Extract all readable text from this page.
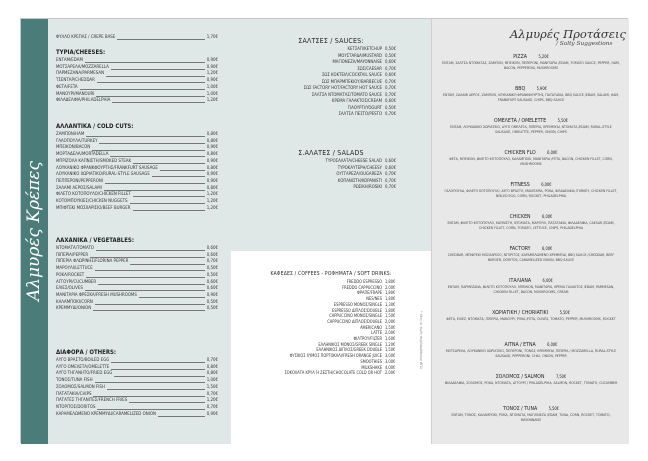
Αλμυρές Κρέπες
ΦΥΛΛΟ ΚΡΕΠΑΣ / CREPE BASE	1,70€
ΤΥΡΙΑ/CHEESES:
ΕΝΤΑΜ/EDAM	0,90€
ΜΟΤΣΑΡΕΛΑ/MOZZARELLA	0,90€
ΠΑΡΜΕΖΑΝΑ/PARMESAN	1,20€
ΤΣΕΝΤΑΡ/CHEDDAR	0,90€
ΦΕΤΑ/FETA	1,00€
ΜΑΝΟΥΡΙ/MANOURI	1,00€
ΦΙΛΑΔΕΛΦΙΑ/PHILADELPHIA	1,20€
ΑΛΛΑΝΤΙΚΑ / COLD CUTS:
ΖΑΜΠΟΝ/HAM	0,80€
ΓΑΛΟΠΟΥΛΑ/TURKEY	0,80€
ΜΠΕΙΚΟΝ/BACON	0,90€
ΜΟΡΤΑΔΕΛΑ/MORTADELLA	0,80€
ΜΠΡΙΖΟΛΑ ΚΑΠΝΙΣΤΗ/SMOKED STEAK	0,90€
ΛΟΥΚΑΝΙΚΟ ΦΡΑΝΚΦΟΥΡΤΗΣ/FRANKFURT SAUSAGE	0,80€
ΛΟΥΚΑΝΙΚΟ ΧΩΡΙΑΤΙΚΟ/RURAL-STYLE SAUSAGE	0,90€
ΠΕΠΠΕΡΟΝΙ/PEPPERONI	0,90€
ΣΑΛΑΜΙ ΑΕΡΟΣ/SALAMI	0,80€
ΦΙΛΕΤΟ ΚΟΤΟΠΟΥΛΟ/CHICKEN FILLET	1,20€
ΚΟΤΟΜΠΟΥΚΙΕΣ/CHICKEN NUGGETS	1,20€
ΜΠΙΦΤΕΚΙ ΜΟΣΧΑΡΙΣΙΟ/BEEF BURGER	1,20€
ΛΑΧΑΝΙΚΑ / VEGETABLES:
ΝΤΟΜΑΤΑ/TOMATO	0,60€
ΠΙΠΕΡΙΑ/PEPPER	0,60€
ΠΙΠΕΡΙΑ ΦΛΩΡΙΝΗΣ/FLORINA PEPPER	0,70€
ΜΑΡΟΥΛΙ/LETTUCE	0,50€
ΡΟΚΑ/ROCKET	0,50€
ΑΓΓΟΥΡΙ/CUCUMBER	0,60€
ΕΛΙΕΣ/OLIVES	0,60€
ΜΑΝΙΤΑΡΙΑ ΦΡΕΣΚΑ/FRESH MUSHROOMS	0,90€
ΚΑΛΑΜΠΟΚΙ/CORN	0,50€
ΚΡΕΜΜΥΔΙ/ONION	0,50€
ΔΙΑΦΟΡΑ / OTHERS:
ΑΥΓΟ ΒΡΑΣΤΟ/BOILED EGG	0,70€
ΑΥΓΟ ΟΜΕΛΕΤΑ/OMELETTE	0,80€
ΑΥΓΟ ΤΗΓΑΝΗΤΟ/FRIED EGG	0,80€
ΤΟΝΟΣ/TUNA FISH	1,00€
ΣΟΛΟΜΟΣ/SALMON FISH	1,50€
ΠΑΤΑΤΑΚΙΑ/CHIPS	0,70€
ΠΑΤΑΤΕΣ ΤΗΓΑΝΙΤΕΣ/FRENCH FRIES	1,20€
ΝΤΟΡΙΤΟΣ/DORITOS	0,70€
ΚΑΡΑΜΕΛΩΜΕΝΟ ΚΡΕΜΜΥΔΙ/CARAMELIZED ONION	0,90€
ΣΑΛΤΣΕΣ / SAUCES:
ΚΕΤΣΑΠ/KETCHUP 0,50€
ΜΟΥΣΤΑΡΔΑ/MUSTARD 0,50€
ΜΑΓΙΟΝΕΖΑ/MAYONNAISE 0,60€
ΣΩΣ/CAESAR 0,70€
ΣΩΣ ΚΟΚΤΕΙΛ/COCKTAIL SAUCE 0,60€
ΣΩΣ ΜΠΑΡΜΠΕΚΙΟΥ/BARBECUE 0,70€
ΣΩΣ FACTORY HOT/FACTORY HOT SAUCE 0,70€
ΣΑΛΤΣΑ ΝΤΟΜΑΤΑΣ/TOMATO SAUCE 0,70€
ΚΡΕΜΑ ΓΑΛΑΚΤΟΣ/CREAM 0,60€
ΓΙΑΟΥΡΤΙ/YOGURT 0,50€
ΣΑΛΤΣΑ ΠΕΣΤΟ/PESTO 0,70€
Σ.ΑΛΑΤΕΣ / SALADS
ΤΥΡΟΣΑΛΑΤΑ/CHEESE SALAD 0,60€
ΤΥΡΟΚΑΥΤΕΡΗ/CHEESY 0,60€
ΟΥΓΓΑΡΕΖΑ/OUGAREZA 0,70€
ΚΟΠΑΝΙΣΤΗ/KOPANISTI 0,70€
ΡΩΣΙΚΗ/ROSIKI 0,70€
ΚΑΦΕΔΕΣ / COFFEES - ΡΟΦΗΜΑΤΑ / SOFT DRINKS:
FREDDO ESPRESSO 1,80€
FREDDO CAPPUCCINO 2,00€
ΦΡΑΠΕ/FRAPE 1,80€
NES/NES 1,80€
ESPRESSO ΜΟΝΟΣ/SINGLE 1,30€
ESPRESSO ΔΙΠΛΟΣ/DOUBLE 1,80€
CAPPUCCINO ΜΟΝΟΣ/SINGLE 1,50€
CAPPUCCINO ΔΙΠΛΟΣ/DOUBLE 2,00€
AMERICANO 1,50€
LATTE 2,00€
ΦΙΛΤΡΟΥ/FILTER 1,60€
ΕΛΛΗΝΙΚΟΣ ΜΟΝΟΣ/GREEK SINGLE 1,20€
ΕΛΛΗΝΙΚΟΣ ΔΙΠΛΟΣ/GREEK DOUBLE 1,50€
ΦΥΣΙΚΟΣ ΧΥΜΟΣ ΠΟΡΤΟΚΑΛΙ/FRESH ORANGE JUICE 3,00€
SMOOTHIES 3,00€
MILKSHAKE 4,00€
ΣΟΚΟΛΑΤΑ ΚΡΥΑ Ή ΖΕΣΤΗ/CHOCOLATE COLD OR HOT 2,00€
* όλες οι τιμές περιλαμβάνουν ΦΠΑ
Αλμυρές Προτάσεις
/ Salty Suggestions
PIZZA	5,20€
ΕΝΤΑΜ, ΣΑΛΤΣΑ ΝΤΟΜΑΤΑΣ, ΖΑΜΠΟΝ, ΜΠΕΙΚΟΝ, ΠΕΠΕΡΟΝΙ, ΜΑΝΙΤΑΡΙΑ /EDAM, TOMATO SAUCE, PEPPER, HAM, BACON, PEPPERONI, MUSHROOMS
BBQ	5,90€
ΕΝΤΑΜ, ΣΑΛΑΜΙ ΑΕΡΟΣ, ΖΑΜΠΟΝ, ΛΟΥΚΑΝΙΚΟ ΦΡΑΝΚΦΟΥΡΤΗΣ, ΠΑΤΑΤΑΚΙΑ, BBQ SAUCE /EDAM, SALAMI, HAM, FRANKFURT SAUSAGE, CHIPS, BBQ SAUCE
ΟΜΕΛΕΤΑ / OMELETTE	5,50€
ΕΝΤΑΜ, ΛΟΥΚΑΝΙΚΟ ΧΩΡΙΑΤΙΚΟ, ΑΥΓΟ ΟΜΕΛΕΤΑ, ΠΙΠΕΡΙΑ, ΚΡΕΜΜΥΔΙ, ΝΤΟΜΑΤΑ /EDAM, RURAL-STYLE SAUSAGE, OMELETTE, PEPPER, ONION, CHIPS
CHICKEN FLO	6,00€
ΦΕΤΑ, ΜΠΕΙΚΟΝ, ΦΙΛΕΤΟ ΚΟΤΟΠΟΥΛΟ, ΚΑΛΑΜΠΟΚΙ, ΜΑΝΙΤΑΡΙΑ /FETA, BACON, CHICKEN FILLET, CORN, MUSHROOMS
FITNESS	6,00€
ΓΑΛΟΠΟΥΛΑ, ΦΙΛΕΤΟ ΚΟΤΟΠΟΥΛΟ, ΑΥΓΟ ΒΡΑΣΤΟ, ΜΑΝΙΤΑΡΙΑ, ΡΟΚΑ, ΦΙΛΑΔΕΛΦΙΑ /TURKEY, CHICKEN FILLET, BOILED EGG, CORN, ROCKET, PHILADELPHIA
CHICKEN	6,00€
ΕΝΤΑΜ, ΦΙΛΕΤΟ ΚΟΤΟΠΟΥΛΟ, ΚΑΠΝΙΣΤΗ, ΝΤΟΜΑΤΑ, ΜΑΡΟΥΛΙ, ΠΑΤΑΤΑΚΙΑ, ΦΙΛΑΔΕΛΦΙΑ, CAESAR /EDAM, CHICKEN FILLET, CORN, TOMATO, LETTUCE, CHIPS, PHILADELPHIA
FACTORY	6,00€
CHEDDAR, ΜΠΙΦΤΕΚΙ ΜΟΣΧΑΡΙΣΙΟ, ΝΤΟΡΙΤΟΣ, ΚΑΡΑΜΕΛΩΜΕΝΟ ΚΡΕΜΜΥΔΙ, BBQ SAUCE /CHEDDAR, BEEF BURGER, DORITOS, CARAMELIZED ONION, BBQ SAUCE
ΙΤΑΛΙΑΝΑ	6,00€
ΕΝΤΑΜ, ΠΑΡΜΕΖΑΝΑ, ΦΙΛΕΤΟ ΚΟΤΟΠΟΥΛΟ, ΜΠΕΙΚΟΝ, ΜΑΝΙΤΑΡΙΑ, ΚΡΕΜΑ ΓΑΛΑΚΤΟΣ /EDAM, PARMESAN, CHICKEN FILLET, BACON, MUSHROOMS, CREAM
ΧΩΡΙΑΤΙΚΗ / CHORIATIKI	5,50€
ΦΕΤΑ, ΕΛΙΕΣ, ΝΤΟΜΑΤΑ, ΠΙΠΕΡΙΑ, ΜΑΝΟΥΡΙ, ΡΟΚΑ /FETA, OLIVES, TOMATO, PEPPER, MUSHROOMS, ROCKET
ΑΙΤΝΑ / ETNA	6,00€
ΜΟΤΣΑΡΕΛΑ, ΛΟΥΚΑΝΙΚΟ ΧΩΡΙΑΤΙΚΟ, ΠΕΠΕΡΟΝΙ, ΤΟΝΟΣ, ΚΡΕΜΜΥΔΙ, ΠΙΠΕΡΙΑ / MOZZARELLA, RURAL-STYLE SAUSAGE, PEPPERONI, CHILI, ONION, PEPPER
ΣΟΛΟΜΟΣ / SALMON	7,50€
ΦΙΛΑΔΕΛΦΙΑ, ΣΟΛΟΜΟΣ, ΡΟΚΑ, ΝΤΟΜΑΤΑ, ΑΓΓΟΥΡΙ / PHILADELPHIA, SALMON, ROCKET, TOMATO, CUCUMBER
ΤΟΝΟΣ / TUNA	5,50€
ΕΝΤΑΜ, ΤΟΝΟΣ, ΚΑΛΑΜΠΟΚΙ, ΡΟΚΑ, ΝΤΟΜΑΤΑ, ΜΑΓΙΟΝΕΖΑ /EDAM, TUNA, CORN, ROCKET, TOMATO, MAYONNAISE
